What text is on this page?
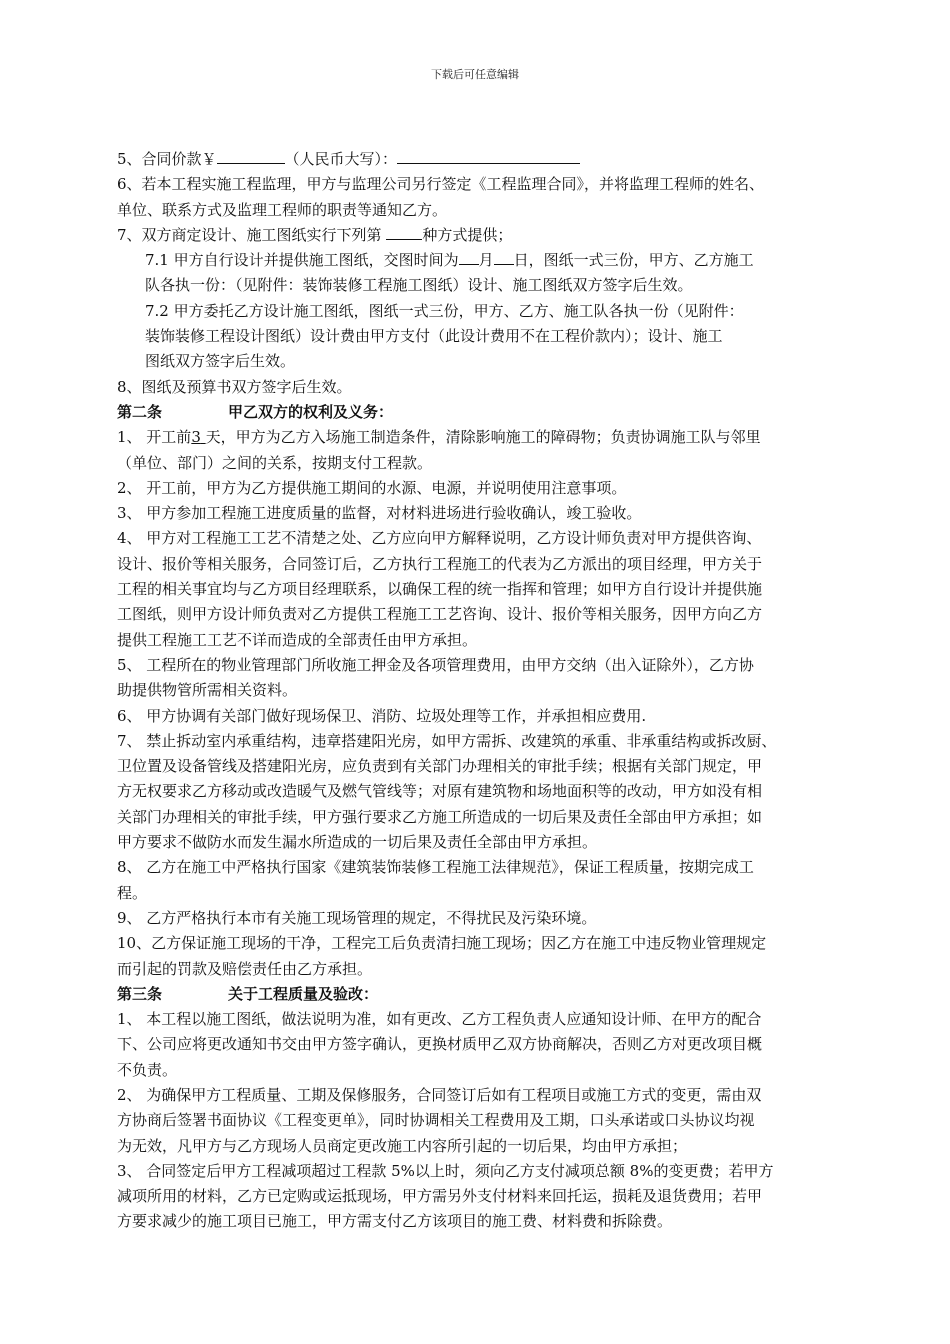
下载后可任意编辑

5、合同价款￥	（人民币大写）：

6、若本工程实施工程监理，甲方与监理公司另行签定《工程监理合同》，并将监理工程师的姓名、

单位、联系方式及监理工程师的职责等通知乙方。

7、双方商定设计、施工图纸实行下列第 种方式提供；

7.1 甲方自行设计并提供施工图纸，交图时间为 月 日，图纸一式三份，甲方、乙方施工

队各执一份：（见附件：装饰装修工程施工图纸）设计、施工图纸双方签字后生效。

7.2 甲方委托乙方设计施工图纸，图纸一式三份，甲方、乙方、施工队各执一份（见附件：

装饰装修工程设计图纸）设计费由甲方支付（此设计费用不在工程价款内）；设计、施工

图纸双方签字后生效。

8、图纸及预算书双方签字后生效。

第二条	甲乙双方的权利及义务：

1、 开工前3 天，甲方为乙方入场施工制造条件，清除影响施工的障碍物；负责协调施工队与邻里

（单位、部门）之间的关系，按期支付工程款。

2、 开工前，甲方为乙方提供施工期间的水源、电源，并说明使用注意事项。

3、 甲方参加工程施工进度质量的监督，对材料进场进行验收确认，竣工验收。

4、 甲方对工程施工工艺不清楚之处、乙方应向甲方解释说明，乙方设计师负责对甲方提供咨询、

设计、报价等相关服务，合同签订后，乙方执行工程施工的代表为乙方派出的项目经理，甲方关于

工程的相关事宜均与乙方项目经理联系，以确保工程的统一指挥和管理；如甲方自行设计并提供施

工图纸，则甲方设计师负责对乙方提供工程施工工艺咨询、设计、报价等相关服务，因甲方向乙方

提供工程施工工艺不详而造成的全部责任由甲方承担。

5、 工程所在的物业管理部门所收施工押金及各项管理费用，由甲方交纳（出入证除外），乙方协

助提供物管所需相关资料。

6、 甲方协调有关部门做好现场保卫、消防、垃圾处理等工作，并承担相应费用.

7、 禁止拆动室内承重结构，违章搭建阳光房，如甲方需拆、改建筑的承重、非承重结构或拆改厨、

卫位置及设备管线及搭建阳光房，应负责到有关部门办理相关的审批手续；根据有关部门规定，甲

方无权要求乙方移动或改造暖气及燃气管线等；对原有建筑物和场地面积等的改动，甲方如没有相

关部门办理相关的审批手续，甲方强行要求乙方施工所造成的一切后果及责任全部由甲方承担；如

甲方要求不做防水而发生漏水所造成的一切后果及责任全部由甲方承担。

8、 乙方在施工中严格执行国家《建筑装饰装修工程施工法律规范》，保证工程质量，按期完成工

程。

9、 乙方严格执行本市有关施工现场管理的规定，不得扰民及污染环境。

10、乙方保证施工现场的干净，工程完工后负责清扫施工现场；因乙方在施工中违反物业管理规定

而引起的罚款及赔偿责任由乙方承担。

第三条	关于工程质量及验改：

1、 本工程以施工图纸，做法说明为准，如有更改、乙方工程负责人应通知设计师、在甲方的配合

下、公司应将更改通知书交由甲方签字确认，更换材质甲乙双方协商解决，否则乙方对更改项目概

不负责。

2、 为确保甲方工程质量、工期及保修服务，合同签订后如有工程项目或施工方式的变更，需由双

方协商后签署书面协议《工程变更单》，同时协调相关工程费用及工期，口头承诺或口头协议均视

为无效，凡甲方与乙方现场人员商定更改施工内容所引起的一切后果，均由甲方承担；

3、 合同签定后甲方工程减项超过工程款 5%以上时，须向乙方支付减项总额 8%的变更费；若甲方

减项所用的材料，乙方已定购或运抵现场，甲方需另外支付材料来回托运，损耗及退货费用；若甲

方要求减少的施工项目已施工，甲方需支付乙方该项目的施工费、材料费和拆除费。
